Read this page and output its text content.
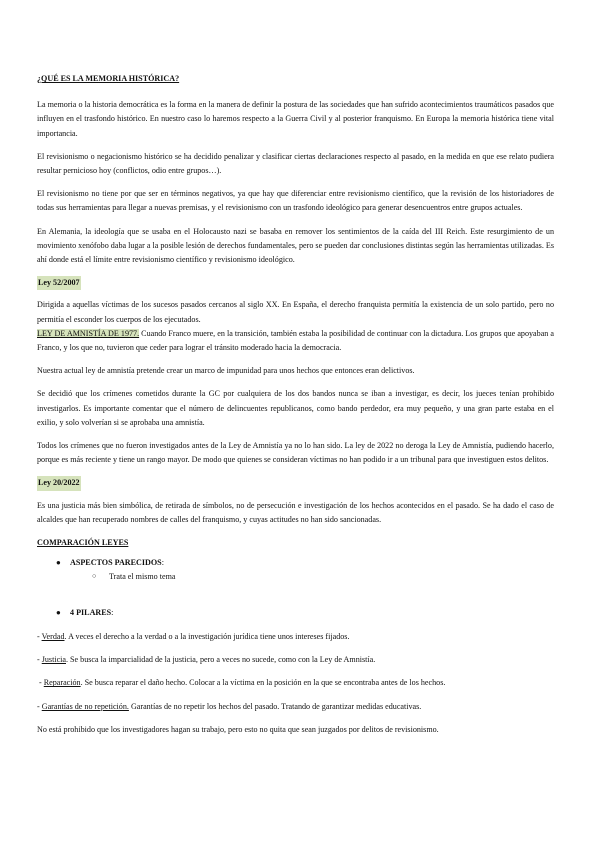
¿QUÉ ES LA MEMORIA HISTÓRICA?

La memoria o la historia democrática es la forma en la manera de definir la postura de las sociedades que han sufrido acontecimientos traumáticos pasados que influyen en el trasfondo histórico. En nuestro caso lo haremos respecto a la Guerra Civil y al posterior franquismo. En Europa la memoria histórica tiene vital importancia.

El revisionismo o negacionismo histórico se ha decidido penalizar y clasificar ciertas declaraciones respecto al pasado, en la medida en que ese relato pudiera resultar pernicioso hoy (conflictos, odio entre grupos…).

El revisionismo no tiene por que ser en términos negativos, ya que hay que diferenciar entre revisionismo científico, que la revisión de los historiadores de todas sus herramientas para llegar a nuevas premisas, y el revisionismo con un trasfondo ideológico para generar desencuentros entre grupos actuales.

En Alemania, la ideología que se usaba en el Holocausto nazi se basaba en remover los sentimientos de la caída del III Reich. Este resurgimiento de un movimiento xenófobo daba lugar a la posible lesión de derechos fundamentales, pero se pueden dar conclusiones distintas según las herramientas utilizadas. Es ahí donde está el límite entre revisionismo científico y revisionismo ideológico.

Ley 52/2007

Dirigida a aquellas víctimas de los sucesos pasados cercanos al siglo XX. En España, el derecho franquista permitía la existencia de un solo partido, pero no permitía el esconder los cuerpos de los ejecutados.

LEY DE AMNISTÍA DE 1977. Cuando Franco muere, en la transición, también estaba la posibilidad de continuar con la dictadura. Los grupos que apoyaban a Franco, y los que no, tuvieron que ceder para lograr el tránsito moderado hacia la democracia.

Nuestra actual ley de amnistía pretende crear un marco de impunidad para unos hechos que entonces eran delictivos.

Se decidió que los crímenes cometidos durante la GC por cualquiera de los dos bandos nunca se iban a investigar, es decir, los jueces tenían prohibido investigarlos. Es importante comentar que el número de delincuentes republicanos, como bando perdedor, era muy pequeño, y una gran parte estaba en el exilio, y solo volverían si se aprobaba una amnistía.

Todos los crímenes que no fueron investigados antes de la Ley de Amnistía ya no lo han sido. La ley de 2022 no deroga la Ley de Amnistía, pudiendo hacerlo, porque es más reciente y tiene un rango mayor. De modo que quienes se consideran víctimas no han podido ir a un tribunal para que investiguen estos delitos.

Ley 20/2022

Es una justicia más bien simbólica, de retirada de símbolos, no de persecución e investigación de los hechos acontecidos en el pasado. Se ha dado el caso de alcaldes que han recuperado nombres de calles del franquismo, y cuyas actitudes no han sido sancionadas.

COMPARACIÓN LEYES
● ASPECTOS PARECIDOS:
○ Trata el mismo tema
● 4 PILARES:

- Verdad. A veces el derecho a la verdad o a la investigación jurídica tiene unos intereses fijados.

- Justicia. Se busca la imparcialidad de la justicia, pero a veces no sucede, como con la Ley de Amnistía.

- Reparación. Se busca reparar el daño hecho. Colocar a la víctima en la posición en la que se encontraba antes de los hechos.

- Garantías de no repetición. Garantías de no repetir los hechos del pasado. Tratando de garantizar medidas educativas.

No está prohibido que los investigadores hagan su trabajo, pero esto no quita que sean juzgados por delitos de revisionismo.
